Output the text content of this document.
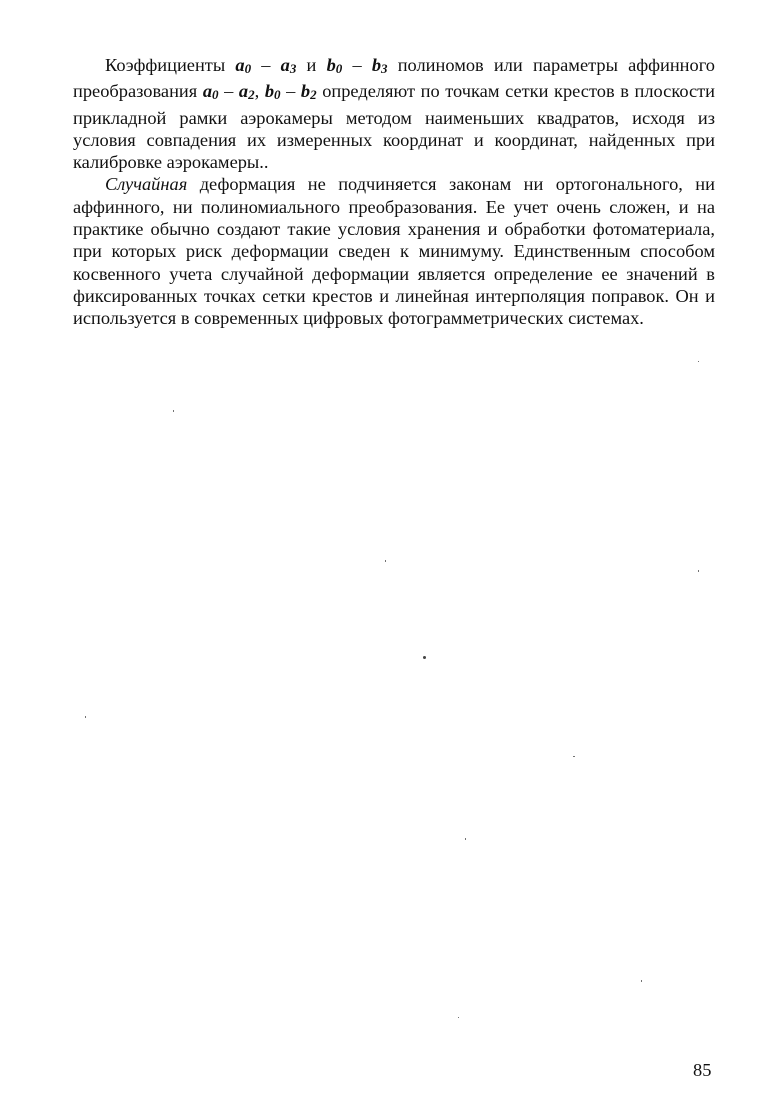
Коэффициенты a0 – a3 и b0 – b3 полиномов или параметры аффинного преобразования a0 – a2, b0 – b2 определяют по точкам сетки крестов в плоскости прикладной рамки аэрокамеры методом наименьших квадратов, исходя из условия совпадения их измеренных координат и координат, найденных при калибровке аэрокамеры..

Случайная деформация не подчиняется законам ни ортогонального, ни аффинного, ни полиномиального преобразования. Ее учет очень сложен, и на практике обычно создают такие условия хранения и обработки фотоматериала, при которых риск деформации сведен к минимуму. Единственным способом косвенного учета случайной деформации является определение ее значений в фиксированных точках сетки крестов и линейная интерполяция поправок. Он и используется в современных цифровых фотограмметрических системах.

85
